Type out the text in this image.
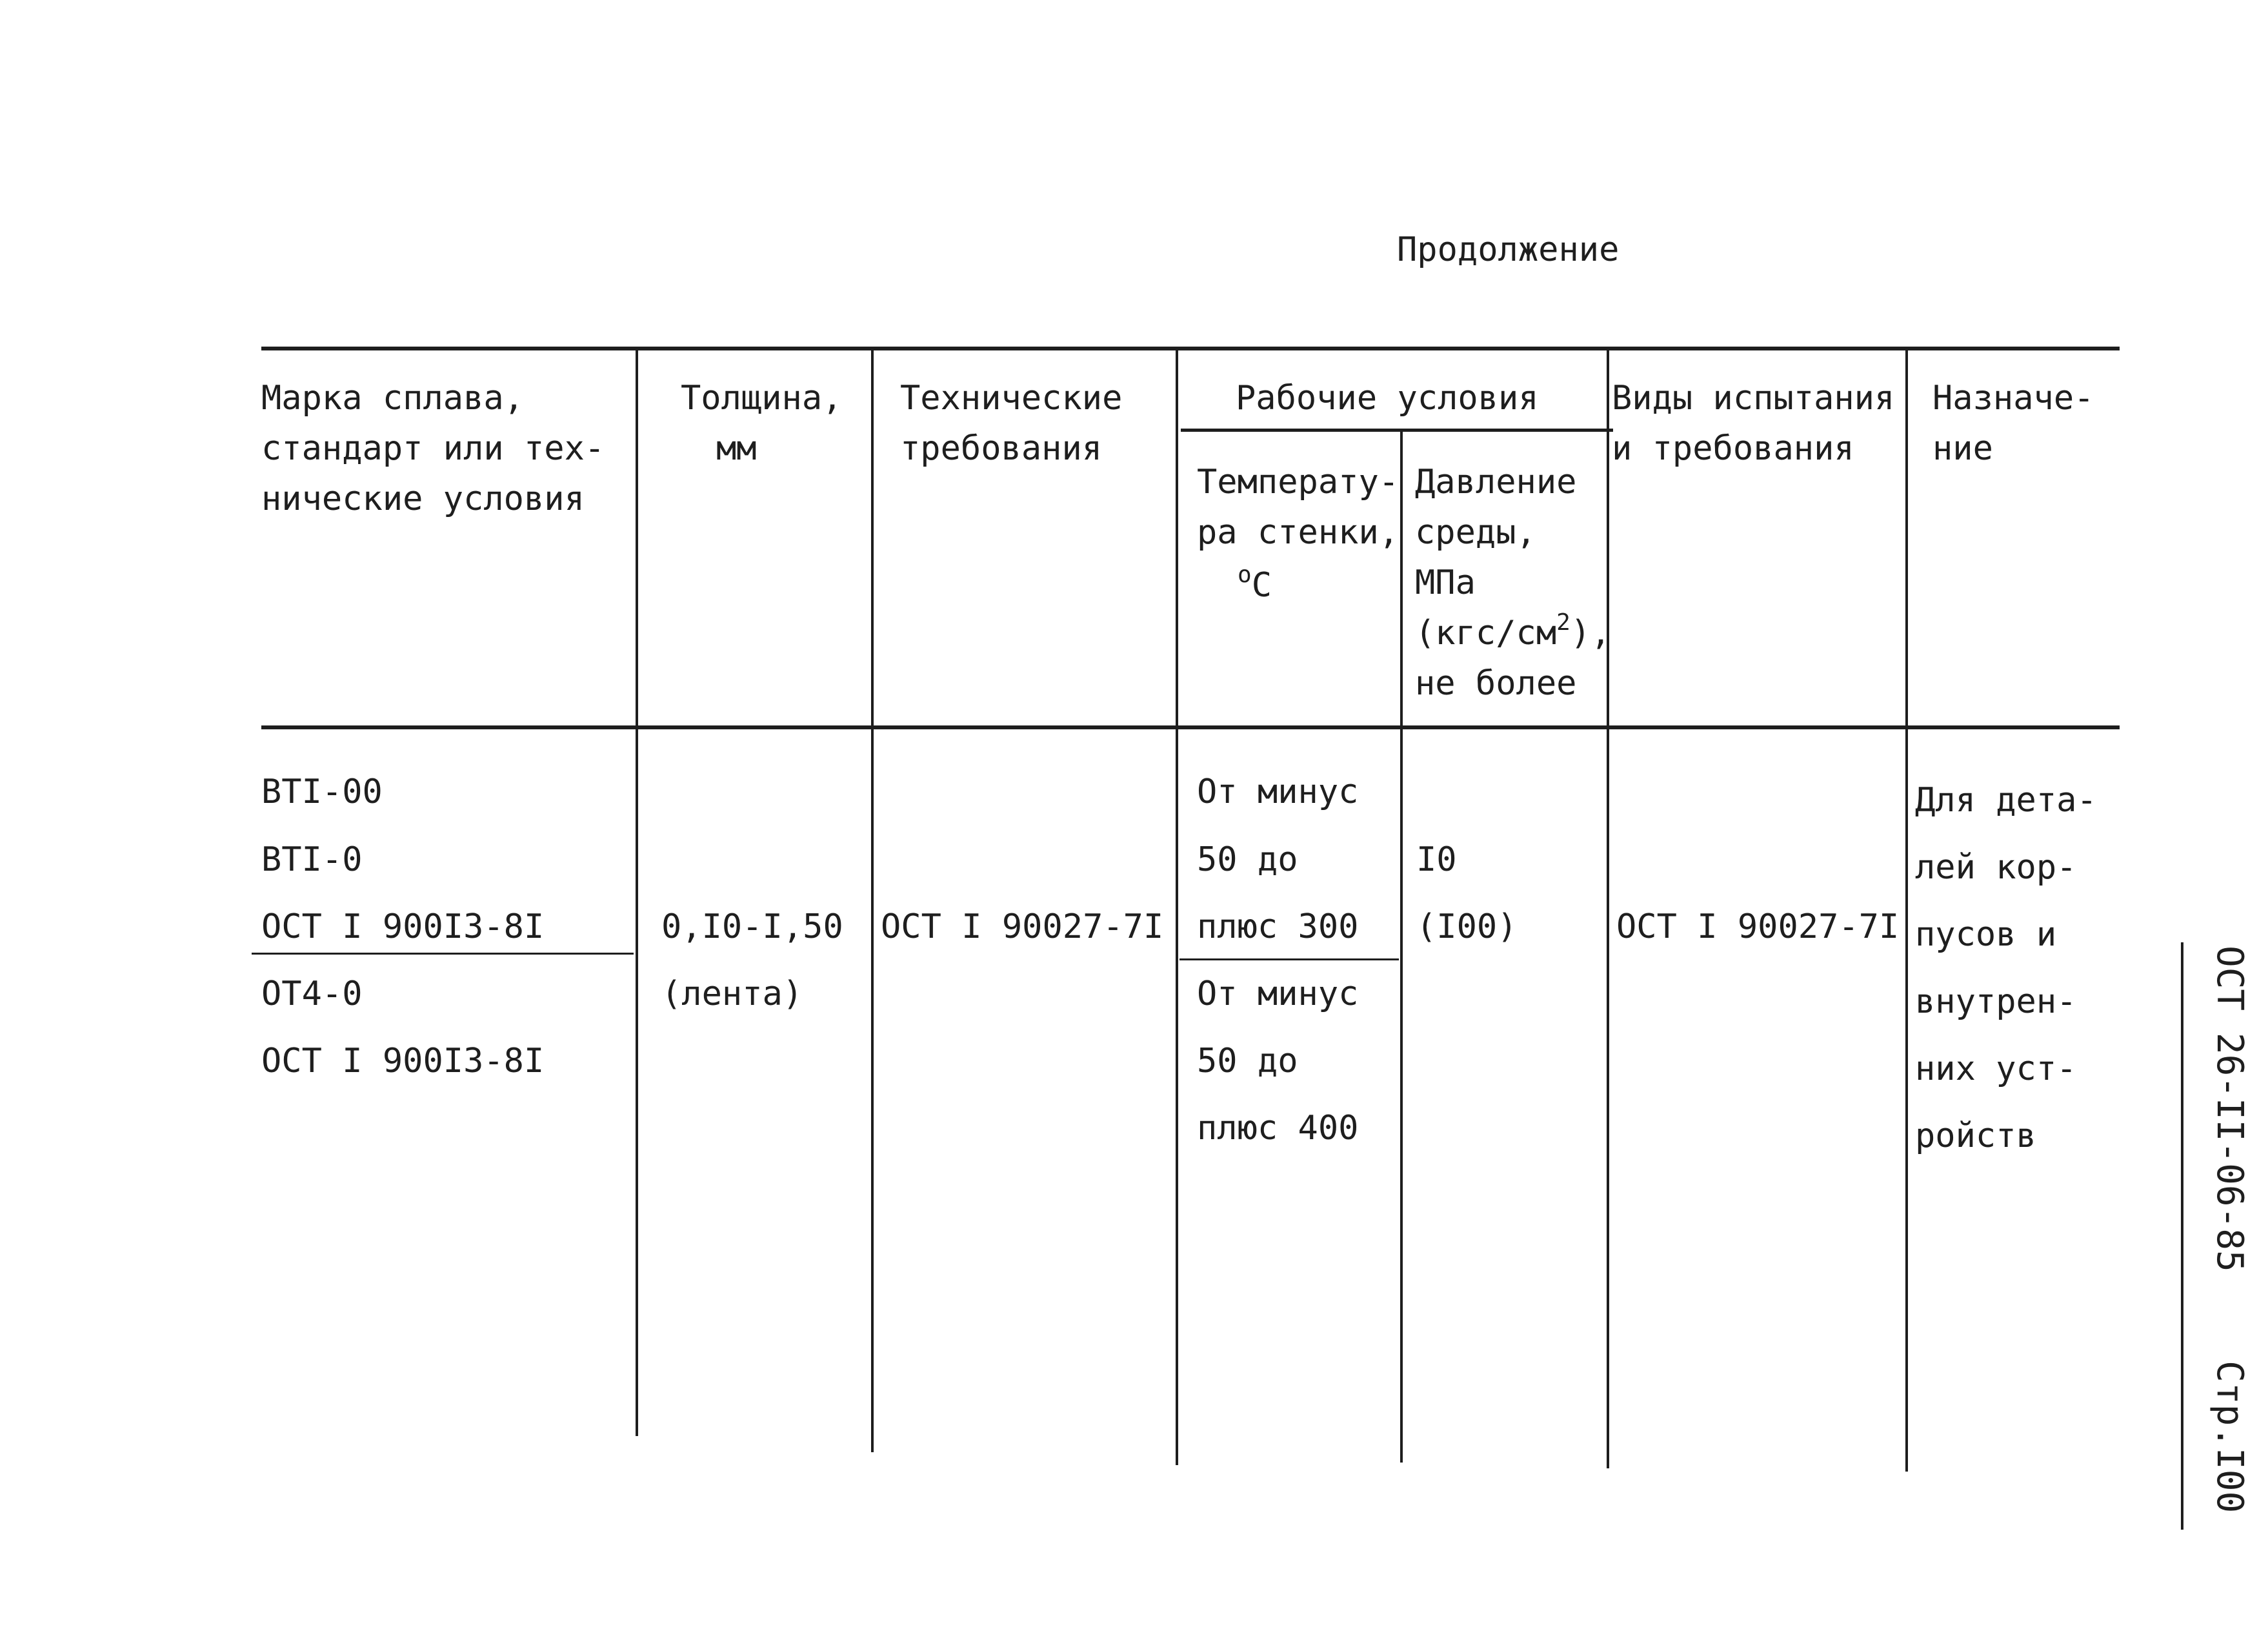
Продолжение
Марка сплава,
стандарт или тех-
нические условия
Толщина,
мм
Технические
требования
Рабочие условия
Температу-
ра стенки,
$^o$C
Давление
среды,
МПа
$(кгс/см^2)$,
не более
Виды испытания
и требования
Назначе-
ние
ВТI-00
ВТI-0
ОСТ I 900I3-8I
ОТ4-0
ОСТ I 900I3-8I
0,I0-I,50
(лента)
ОСТ I 90027-7I
От минус
50 до
плюс 300
От минус
50 до
плюс 400
I0
(I00)	ОСТ I 90027-7I
Для дета-
лей кор-
пусов и
внутрен-
них уст-
ройств	ОСТ 26-II-06-85  Стр.I00
